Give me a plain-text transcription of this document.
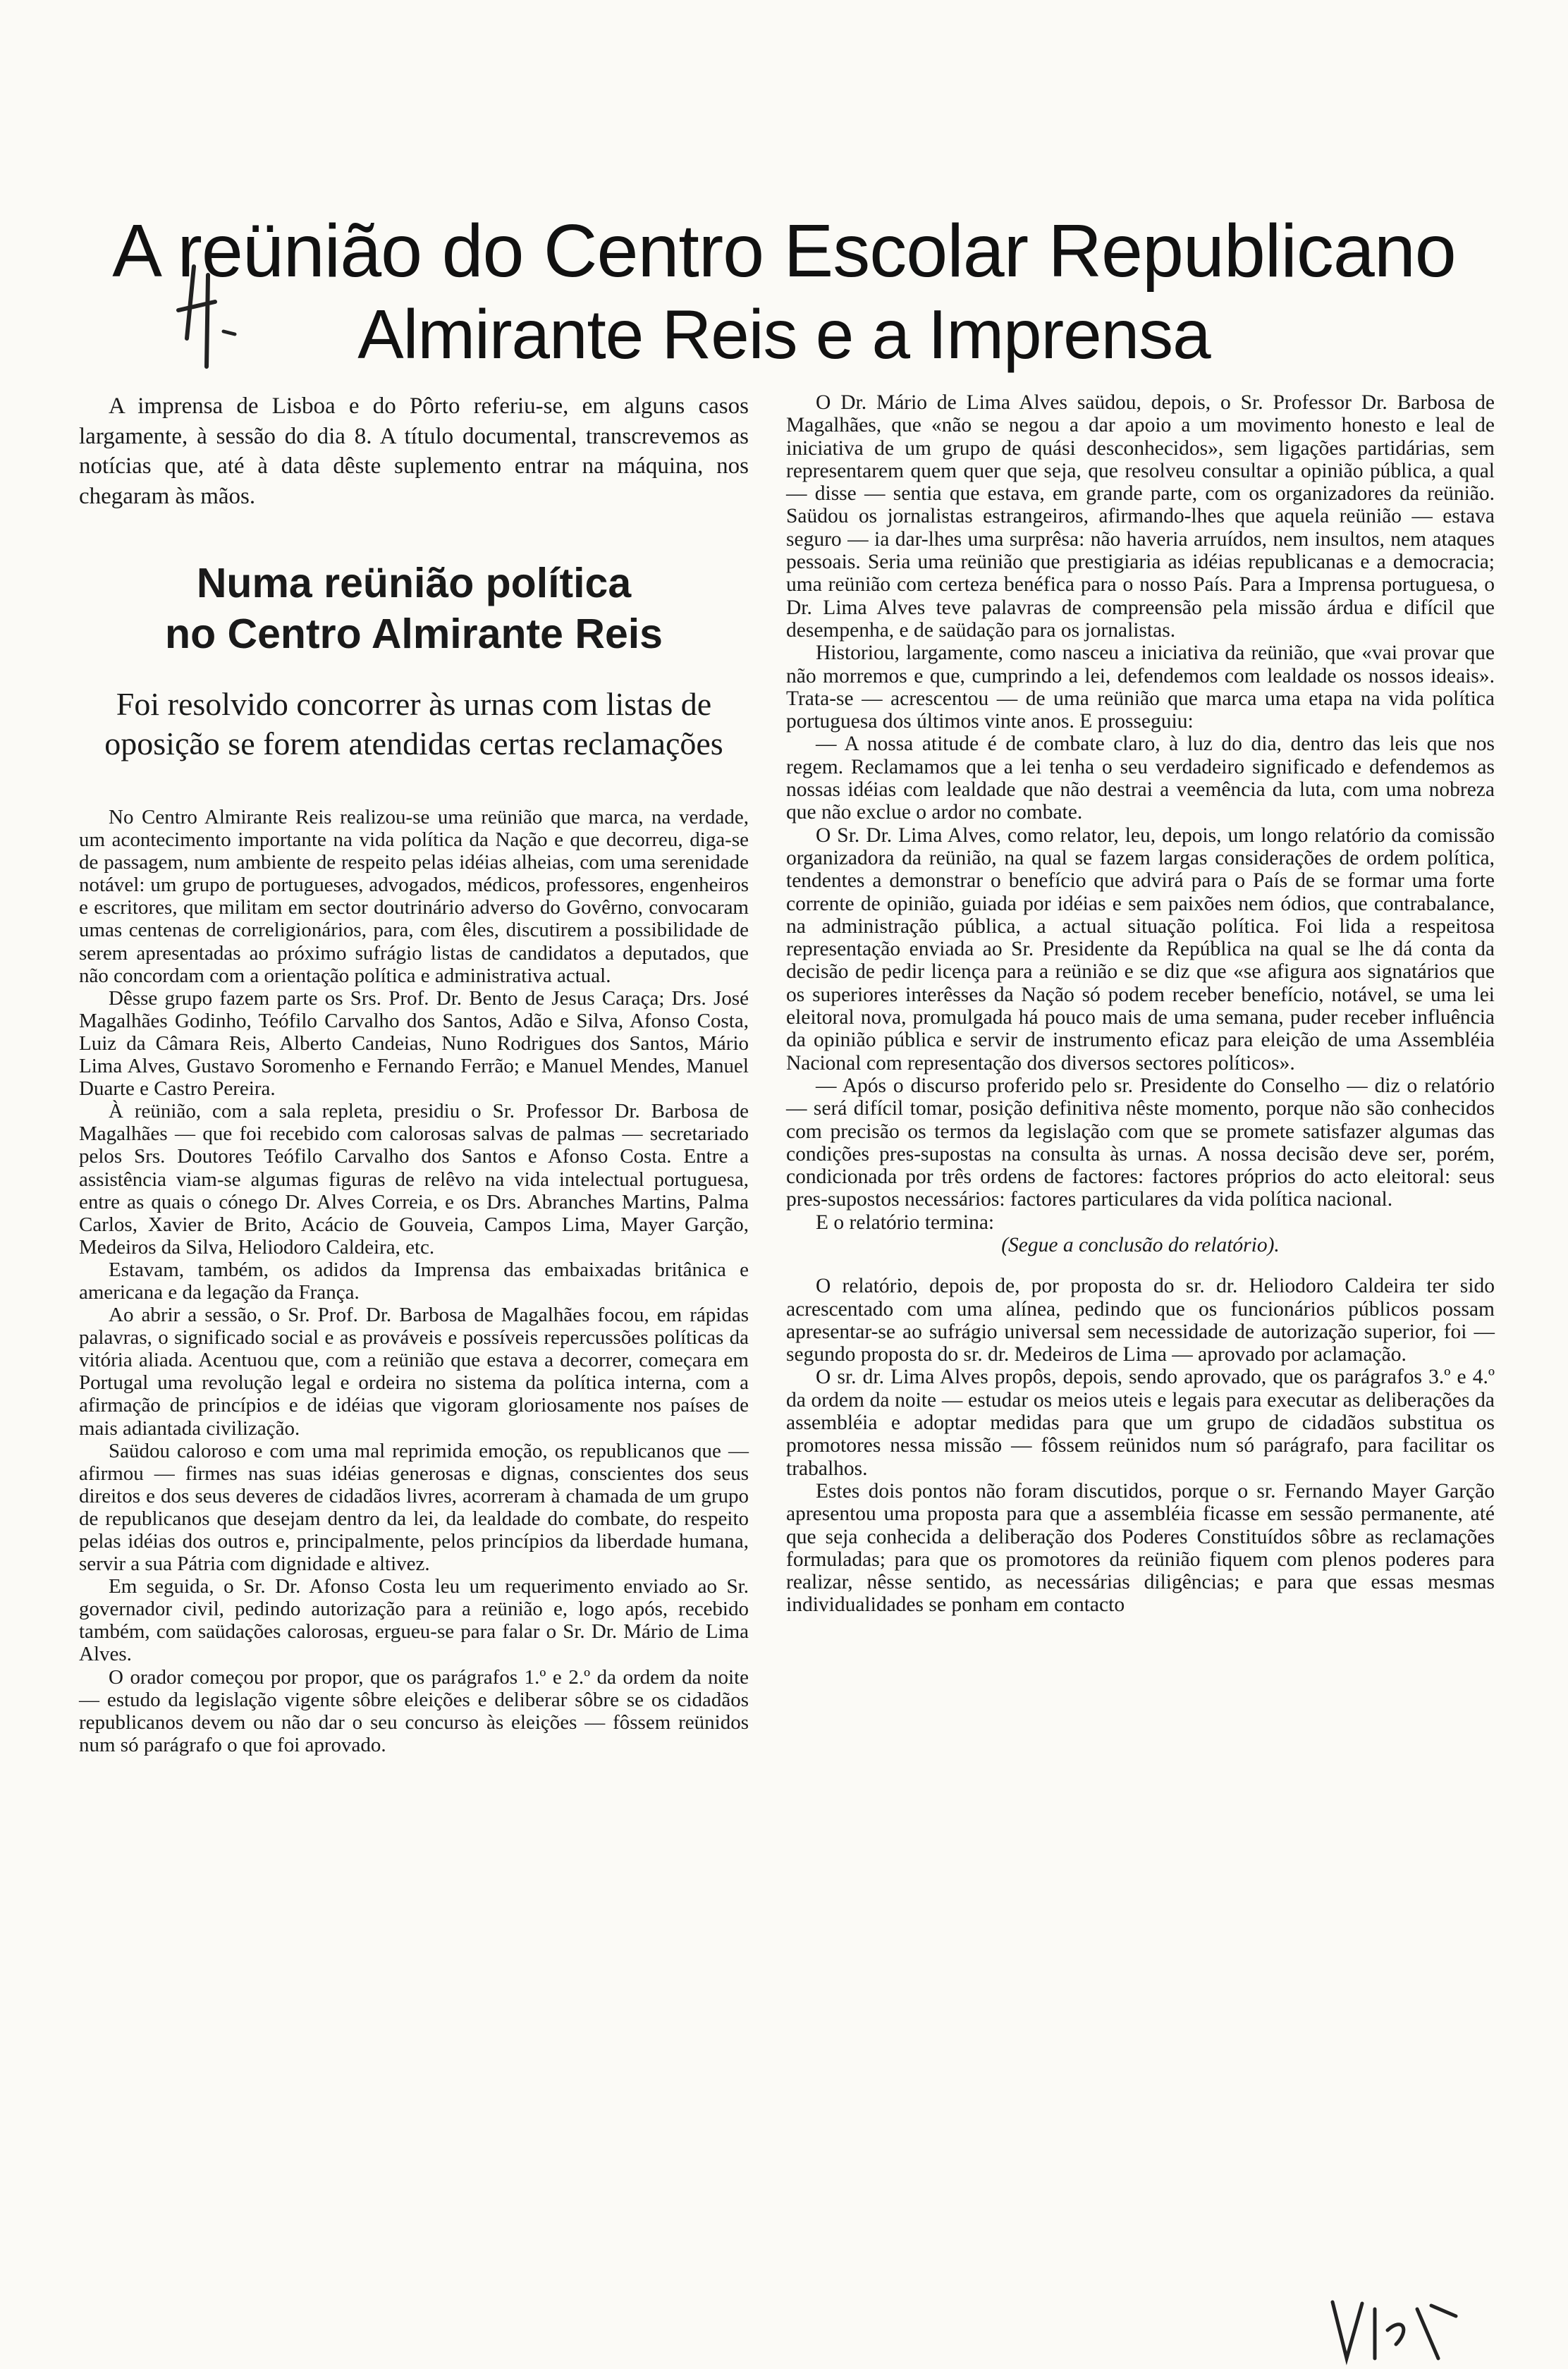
A reünião do Centro Escolar Republicano
Almirante Reis e a Imprensa

A imprensa de Lisboa e do Pôrto referiu-se, em alguns casos largamente, à sessão do dia 8. A título documental, transcrevemos as notícias que, até à data dêste suplemento entrar na máquina, nos chegaram às mãos.

Numa reünião política
no Centro Almirante Reis
Foi resolvido concorrer às urnas com listas de oposição se forem atendidas certas reclamações

No Centro Almirante Reis realizou-se uma reünião que marca, na verdade, um acontecimento importante na vida política da Nação e que decorreu, diga-se de passagem, num ambiente de respeito pelas idéias alheias, com uma serenidade notável: um grupo de portugueses, advogados, médicos, professores, engenheiros e escritores, que militam em sector doutrinário adverso do Govêrno, convocaram umas centenas de correligionários, para, com êles, discutirem a possibilidade de serem apresentadas ao próximo sufrágio listas de candidatos a deputados, que não concordam com a orientação política e administrativa actual.

Dêsse grupo fazem parte os Srs. Prof. Dr. Bento de Jesus Caraça; Drs. José Magalhães Godinho, Teófilo Carvalho dos Santos, Adão e Silva, Afonso Costa, Luiz da Câmara Reis, Alberto Candeias, Nuno Rodrigues dos Santos, Mário Lima Alves, Gustavo Soromenho e Fernando Ferrão; e Manuel Mendes, Manuel Duarte e Castro Pereira.

À reünião, com a sala repleta, presidiu o Sr. Professor Dr. Barbosa de Magalhães — que foi recebido com calorosas salvas de palmas — secretariado pelos Srs. Doutores Teófilo Carvalho dos Santos e Afonso Costa. Entre a assistência viam-se algumas figuras de relêvo na vida intelectual portuguesa, entre as quais o cónego Dr. Alves Correia, e os Drs. Abranches Martins, Palma Carlos, Xavier de Brito, Acácio de Gouveia, Campos Lima, Mayer Garção, Medeiros da Silva, Heliodoro Caldeira, etc.

Estavam, também, os adidos da Imprensa das embaixadas britânica e americana e da legação da França.

Ao abrir a sessão, o Sr. Prof. Dr. Barbosa de Magalhães focou, em rápidas palavras, o significado social e as prováveis e possíveis repercussões políticas da vitória aliada. Acentuou que, com a reünião que estava a decorrer, começara em Portugal uma revolução legal e ordeira no sistema da política interna, com a afirmação de princípios e de idéias que vigoram gloriosamente nos países de mais adiantada civilização.

Saüdou caloroso e com uma mal reprimida emoção, os republicanos que — afirmou — firmes nas suas idéias generosas e dignas, conscientes dos seus direitos e dos seus deveres de cidadãos livres, acorreram à chamada de um grupo de republicanos que desejam dentro da lei, da lealdade do combate, do respeito pelas idéias dos outros e, principalmente, pelos princípios da liberdade humana, servir a sua Pátria com dignidade e altivez.

Em seguida, o Sr. Dr. Afonso Costa leu um requerimento enviado ao Sr. governador civil, pedindo autorização para a reünião e, logo após, recebido também, com saüdações calorosas, ergueu-se para falar o Sr. Dr. Mário de Lima Alves.

O orador começou por propor, que os parágrafos 1.º e 2.º da ordem da noite — estudo da legislação vigente sôbre eleições e deliberar sôbre se os cidadãos republicanos devem ou não dar o seu concurso às eleições — fôssem reünidos num só parágrafo o que foi aprovado.

O Dr. Mário de Lima Alves saüdou, depois, o Sr. Professor Dr. Barbosa de Magalhães, que «não se negou a dar apoio a um movimento honesto e leal de iniciativa de um grupo de quási desconhecidos», sem ligações partidárias, sem representarem quem quer que seja, que resolveu consultar a opinião pública, a qual — disse — sentia que estava, em grande parte, com os organizadores da reünião. Saüdou os jornalistas estrangeiros, afirmando-lhes que aquela reünião — estava seguro — ia dar-lhes uma surprêsa: não haveria arruídos, nem insultos, nem ataques pessoais. Seria uma reünião que prestigiaria as idéias republicanas e a democracia; uma reünião com certeza benéfica para o nosso País. Para a Imprensa portuguesa, o Dr. Lima Alves teve palavras de compreensão pela missão árdua e difícil que desempenha, e de saüdação para os jornalistas.

Historiou, largamente, como nasceu a iniciativa da reünião, que «vai provar que não morremos e que, cumprindo a lei, defendemos com lealdade os nossos ideais». Trata-se — acrescentou — de uma reünião que marca uma etapa na vida política portuguesa dos últimos vinte anos. E prosseguiu:

— A nossa atitude é de combate claro, à luz do dia, dentro das leis que nos regem. Reclamamos que a lei tenha o seu verdadeiro significado e defendemos as nossas idéias com lealdade que não destrai a veemência da luta, com uma nobreza que não exclue o ardor no combate.

O Sr. Dr. Lima Alves, como relator, leu, depois, um longo relatório da comissão organizadora da reünião, na qual se fazem largas considerações de ordem política, tendentes a demonstrar o benefício que advirá para o País de se formar uma forte corrente de opinião, guiada por idéias e sem paixões nem ódios, que contrabalance, na administração pública, a actual situação política. Foi lida a respeitosa representação enviada ao Sr. Presidente da República na qual se lhe dá conta da decisão de pedir licença para a reünião e se diz que «se afigura aos signatários que os superiores interêsses da Nação só podem receber benefício, notável, se uma lei eleitoral nova, promulgada há pouco mais de uma semana, puder receber influência da opinião pública e servir de instrumento eficaz para eleição de uma Assembléia Nacional com representação dos diversos sectores políticos».

— Após o discurso proferido pelo sr. Presidente do Conselho — diz o relatório — será difícil tomar, posição definitiva nêste momento, porque não são conhecidos com precisão os termos da legislação com que se promete satisfazer algumas das condições pres-supostas na consulta às urnas. A nossa decisão deve ser, porém, condicionada por três ordens de factores: factores próprios do acto eleitoral: seus pres-supostos necessários: factores particulares da vida política nacional.

E o relatório termina:

(Segue a conclusão do relatório).

O relatório, depois de, por proposta do sr. dr. Heliodoro Caldeira ter sido acrescentado com uma alínea, pedindo que os funcionários públicos possam apresentar-se ao sufrágio universal sem necessidade de autorização superior, foi — segundo proposta do sr. dr. Medeiros de Lima — aprovado por aclamação.

O sr. dr. Lima Alves propôs, depois, sendo aprovado, que os parágrafos 3.º e 4.º da ordem da noite — estudar os meios uteis e legais para executar as deliberações da assembléia e adoptar medidas para que um grupo de cidadãos substitua os promotores nessa missão — fôssem reünidos num só parágrafo, para facilitar os trabalhos.

Estes dois pontos não foram discutidos, porque o sr. Fernando Mayer Garção apresentou uma proposta para que a assembléia ficasse em sessão permanente, até que seja conhecida a deliberação dos Poderes Constituídos sôbre as reclamações formuladas; para que os promotores da reünião fiquem com plenos poderes para realizar, nêsse sentido, as necessárias diligências; e para que essas mesmas individualidades se ponham em contacto
